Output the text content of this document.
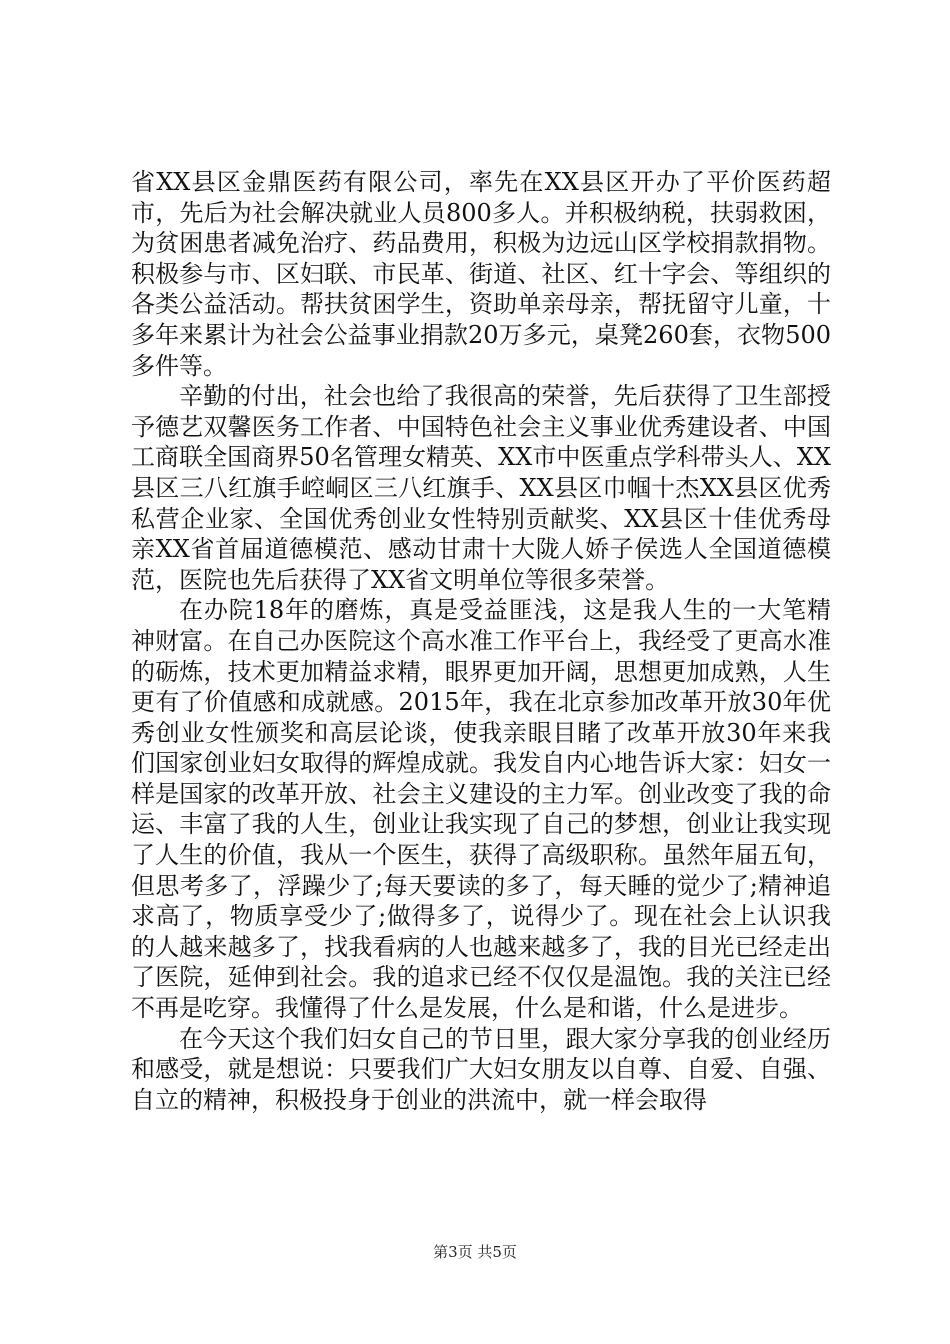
省XX县区金鼎医药有限公司，率先在XX县区开办了平价医药超市，先后为社会解决就业人员800多人。并积极纳税，扶弱救困，为贫困患者减免治疗、药品费用，积极为边远山区学校捐款捐物。积极参与市、区妇联、市民革、街道、社区、红十字会、等组织的各类公益活动。帮扶贫困学生，资助单亲母亲，帮抚留守儿童，十多年来累计为社会公益事业捐款20万多元，桌凳260套，衣物500多件等。

辛勤的付出，社会也给了我很高的荣誉，先后获得了卫生部授予德艺双馨医务工作者、中国特色社会主义事业优秀建设者、中国工商联全国商界50名管理女精英、XX市中医重点学科带头人、XX县区三八红旗手崆峒区三八红旗手、XX县区巾帼十杰XX县区优秀私营企业家、全国优秀创业女性特别贡献奖、XX县区十佳优秀母亲XX省首届道德模范、感动甘肃十大陇人娇子侯选人全国道德模范，医院也先后获得了XX省文明单位等很多荣誉。

在办院18年的磨炼，真是受益匪浅，这是我人生的一大笔精神财富。在自己办医院这个高水准工作平台上，我经受了更高水准的砺炼，技术更加精益求精，眼界更加开阔，思想更加成熟，人生更有了价值感和成就感。2015年，我在北京参加改革开放30年优秀创业女性颁奖和高层论谈，使我亲眼目睹了改革开放30年来我们国家创业妇女取得的辉煌成就。我发自内心地告诉大家：妇女一样是国家的改革开放、社会主义建设的主力军。创业改变了我的命运、丰富了我的人生，创业让我实现了自己的梦想，创业让我实现了人生的价值，我从一个医生，获得了高级职称。虽然年届五旬，但思考多了，浮躁少了;每天要读的多了，每天睡的觉少了;精神追求高了，物质享受少了;做得多了，说得少了。现在社会上认识我的人越来越多了，找我看病的人也越来越多了，我的目光已经走出了医院，延伸到社会。我的追求已经不仅仅是温饱。我的关注已经不再是吃穿。我懂得了什么是发展，什么是和谐，什么是进步。

在今天这个我们妇女自己的节日里，跟大家分享我的创业经历和感受，就是想说：只要我们广大妇女朋友以自尊、自爱、自强、自立的精神，积极投身于创业的洪流中，就一样会取得

第3页 共5页
